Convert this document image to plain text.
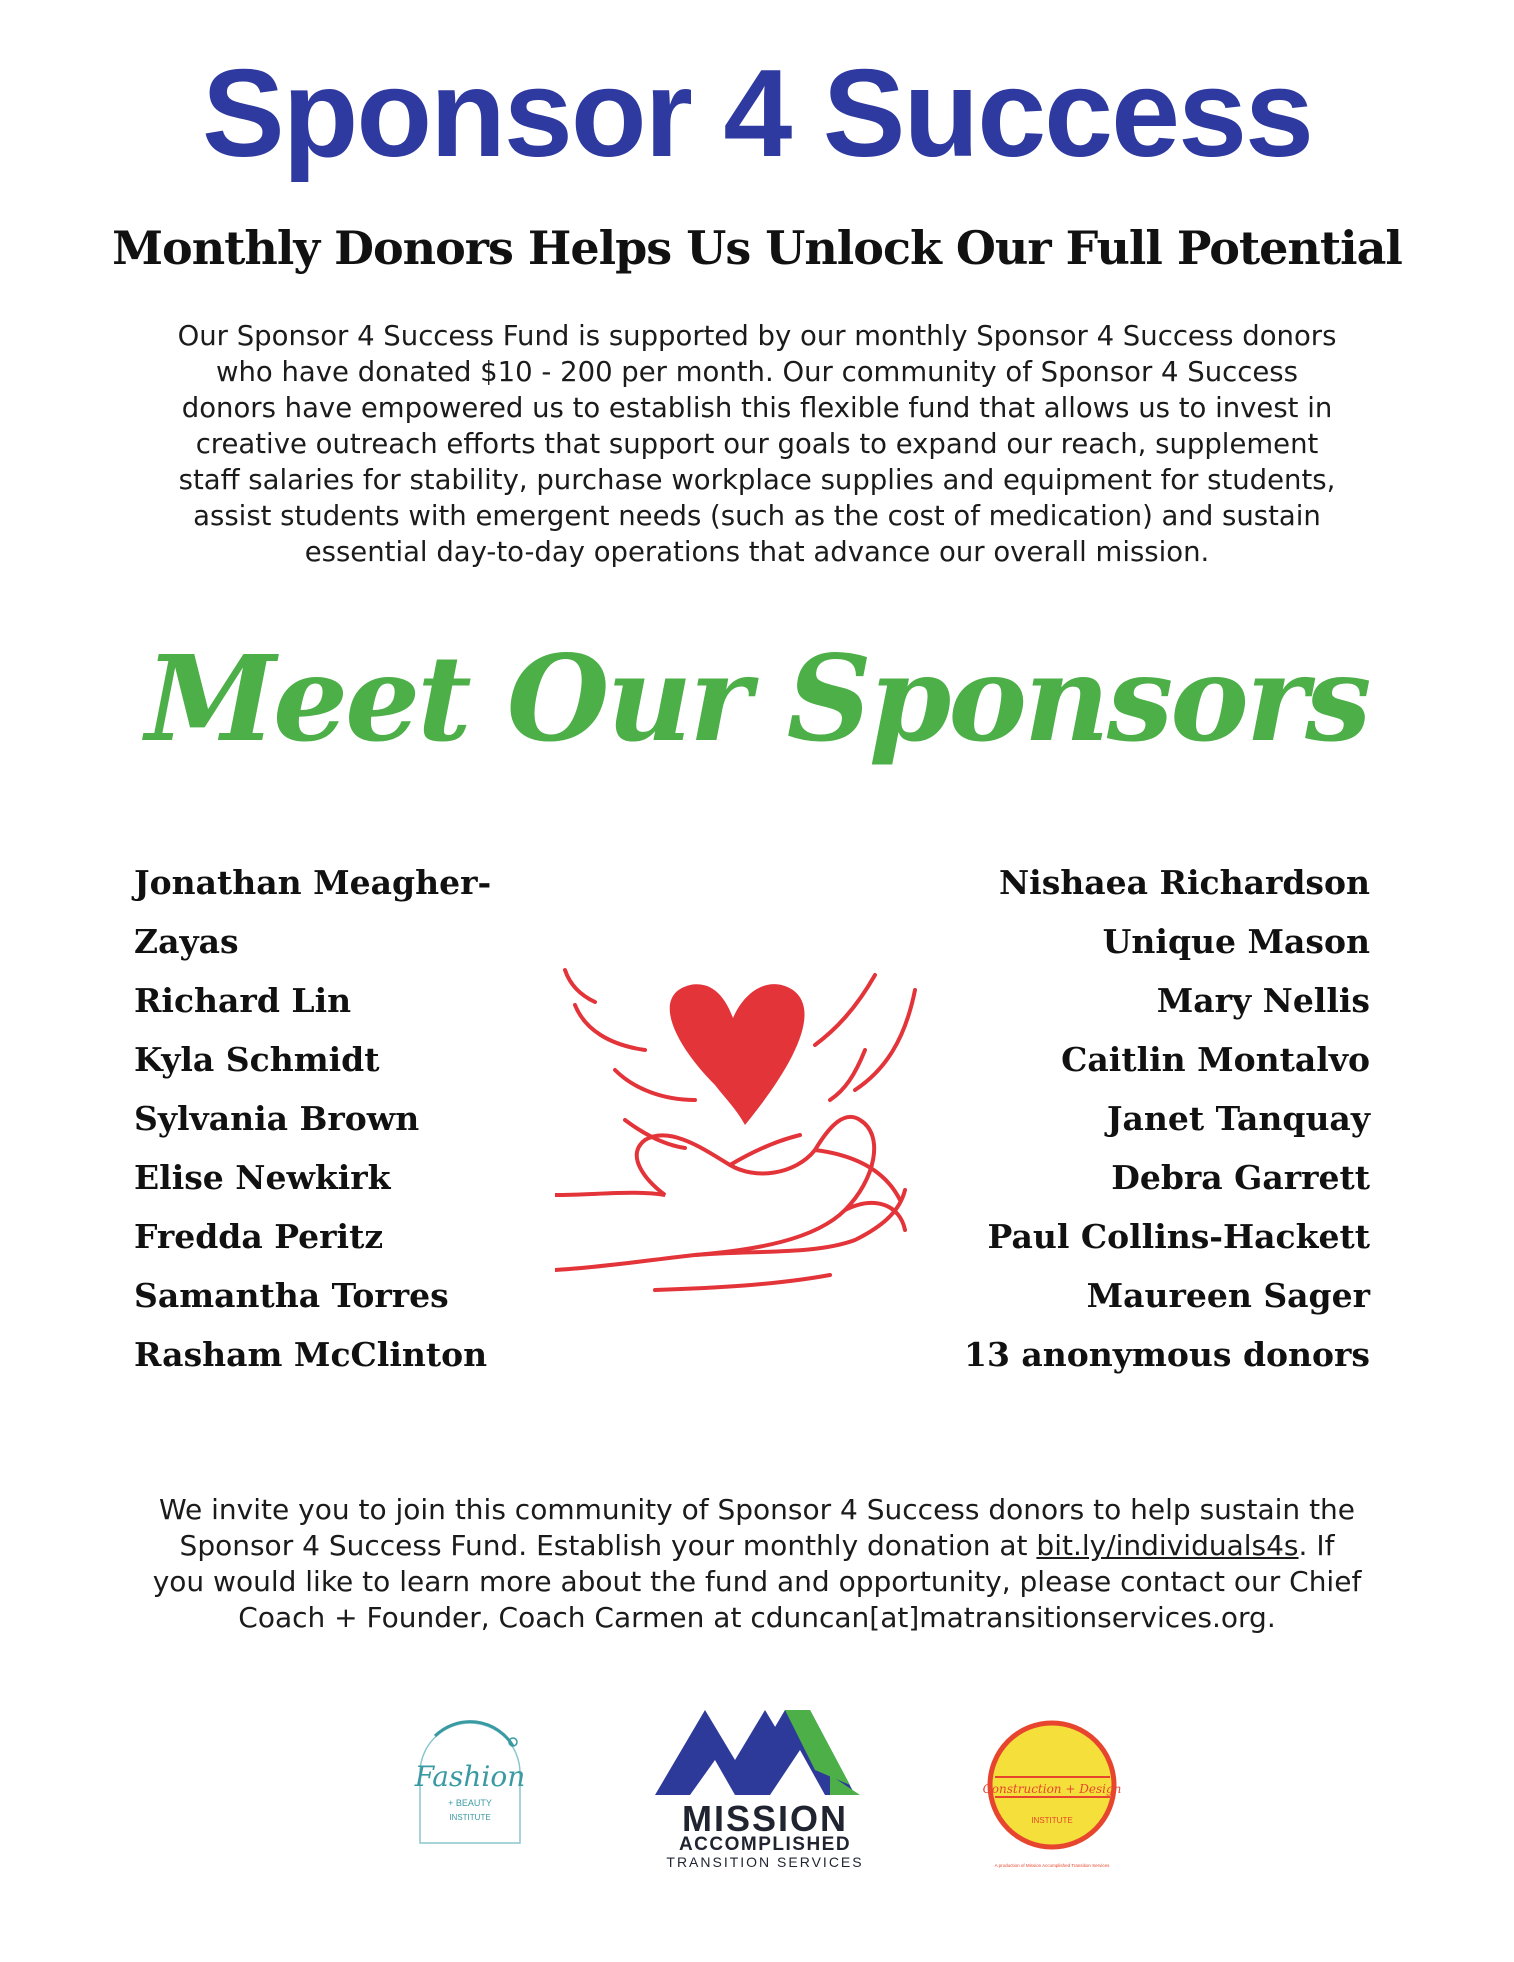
Sponsor 4 Success
Monthly Donors Helps Us Unlock Our Full Potential
Our Sponsor 4 Success Fund is supported by our monthly Sponsor 4 Success donors
who have donated $10 - 200 per month. Our community of Sponsor 4 Success
donors have empowered us to establish this flexible fund that allows us to invest in
creative outreach efforts that support our goals to expand our reach, supplement
staff salaries for stability, purchase workplace supplies and equipment for students,
assist students with emergent needs (such as the cost of medication) and sustain
essential day-to-day operations that advance our overall mission.
Meet Our Sponsors
Jonathan Meagher-
Zayas
Richard Lin
Kyla Schmidt
Sylvania Brown
Elise Newkirk
Fredda Peritz
Samantha Torres
Rasham McClinton
Nishaea Richardson
Unique Mason
Mary Nellis
Caitlin Montalvo
Janet Tanquay
Debra Garrett
Paul Collins-Hackett
Maureen Sager
13 anonymous donors
We invite you to join this community of Sponsor 4 Success donors to help sustain the
Sponsor 4 Success Fund. Establish your monthly donation at bit.ly/individuals4s. If
you would like to learn more about the fund and opportunity, please contact our Chief
Coach + Founder, Coach Carmen at cduncan[at]matransitionservices.org.
Fashion
+ BEAUTY
INSTITUTE	MISSION
ACCOMPLISHED
TRANSITION SERVICES
Construction + Design
INSTITUTE
A production of Mission Accomplished Transition Services
